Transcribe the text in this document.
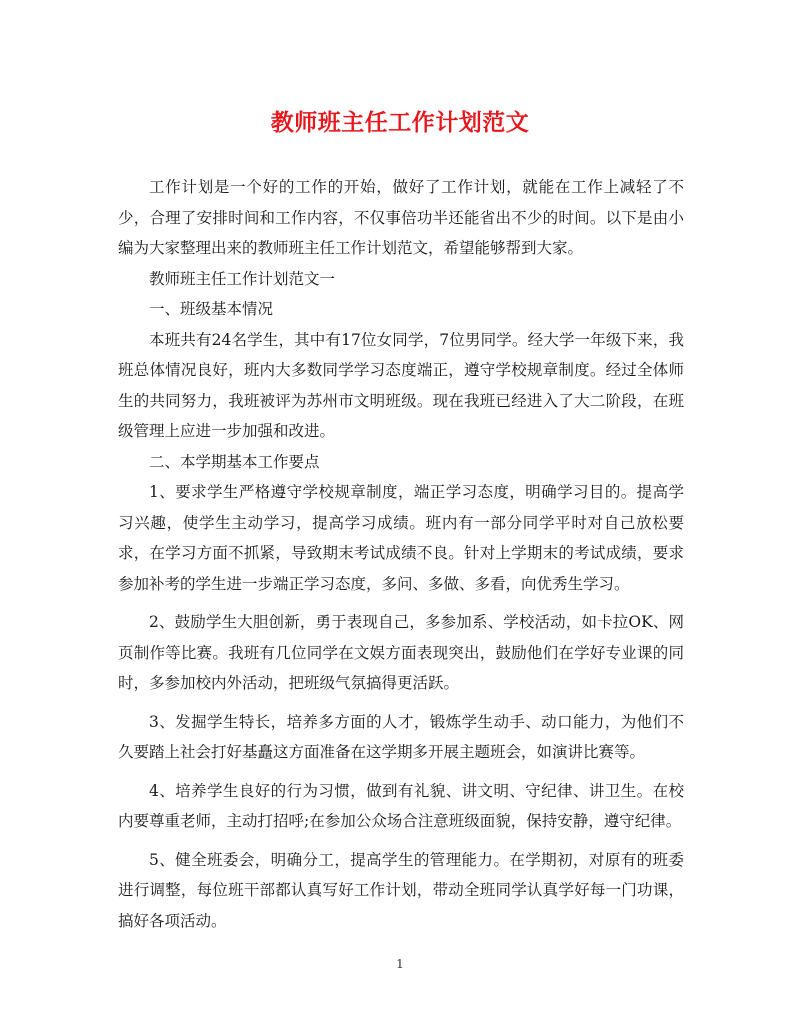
教师班主任工作计划范文

工作计划是一个好的工作的开始，做好了工作计划，就能在工作上减轻了不少，合理了安排时间和工作内容，不仅事倍功半还能省出不少的时间。以下是由小编为大家整理出来的教师班主任工作计划范文，希望能够帮到大家。

教师班主任工作计划范文一

一、班级基本情况

本班共有24名学生，其中有17位女同学，7位男同学。经大学一年级下来，我班总体情况良好，班内大多数同学学习态度端正，遵守学校规章制度。经过全体师生的共同努力，我班被评为苏州市文明班级。现在我班已经进入了大二阶段，在班级管理上应进一步加强和改进。

二、本学期基本工作要点

1、要求学生严格遵守学校规章制度，端正学习态度，明确学习目的。提高学习兴趣，使学生主动学习，提高学习成绩。班内有一部分同学平时对自己放松要求，在学习方面不抓紧，导致期末考试成绩不良。针对上学期末的考试成绩，要求参加补考的学生进一步端正学习态度，多问、多做、多看，向优秀生学习。

2、鼓励学生大胆创新，勇于表现自己，多参加系、学校活动，如卡拉OK、网页制作等比赛。我班有几位同学在文娱方面表现突出，鼓励他们在学好专业课的同时，多参加校内外活动，把班级气氛搞得更活跃。

3、发掘学生特长，培养多方面的人才，锻炼学生动手、动口能力，为他们不久要踏上社会打好基矗这方面准备在这学期多开展主题班会，如演讲比赛等。

4、培养学生良好的行为习惯，做到有礼貌、讲文明、守纪律、讲卫生。在校内要尊重老师，主动打招呼;在参加公众场合注意班级面貌，保持安静，遵守纪律。

5、健全班委会，明确分工，提高学生的管理能力。在学期初，对原有的班委进行调整，每位班干部都认真写好工作计划，带动全班同学认真学好每一门功课，搞好各项活动。

1
